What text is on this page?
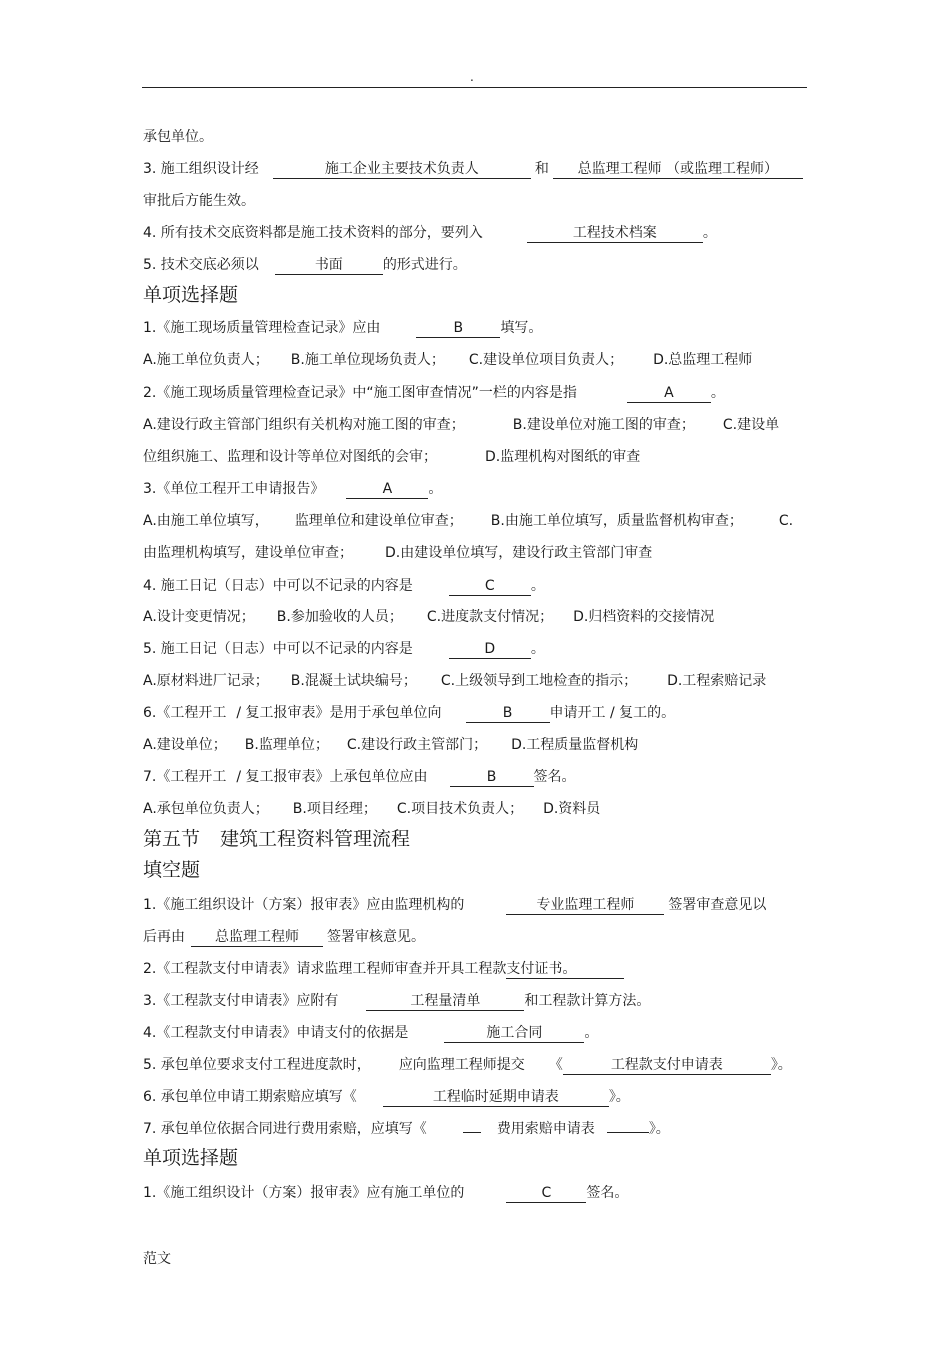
.
承包单位。
3. 施工组织设计经	施工企业主要技术负责人	和 总监理工程师 （或监理工程师）
审批后方能生效。
4. 所有技术交底资料都是施工技术资料的部分，要列入	工程技术档案	。
5. 技术交底必须以	书面	的形式进行。
单项选择题
1.《施工现场质量管理检查记录》应由	B	填写。
A.施工单位负责人； B.施工单位现场负责人； C.建设单位项目负责人； D.总监理工程师
2.《施工现场质量管理检查记录》中“施工图审查情况”一栏的内容是指	A	。
A.建设行政主管部门组织有关机构对施工图的审查；	B.建设单位对施工图的审查； C.建设单
位组织施工、监理和设计等单位对图纸的会审；	D.监理机构对图纸的审查
3.《单位工程开工申请报告》	A	。
A.由施工单位填写， 监理单位和建设单位审查； B.由施工单位填写，质量监督机构审查；	C.
由监理机构填写，建设单位审查； D.由建设单位填写，建设行政主管部门审查
4. 施工日记（日志）中可以不记录的内容是	C	。
A.设计变更情况； B.参加验收的人员； C.进度款支付情况； D.归档资料的交接情况
5. 施工日记（日志）中可以不记录的内容是	D	。
A.原材料进厂记录； B.混凝土试块编号； C.上级领导到工地检查的指示； D.工程索赔记录
6.《工程开工 / 复工报审表》是用于承包单位向	B	申请开工 / 复工的。
A.建设单位； B.监理单位； C.建设行政主管部门； D.工程质量监督机构
7.《工程开工 / 复工报审表》上承包单位应由	B	签名。
A.承包单位负责人； B.项目经理； C.项目技术负责人； D.资料员
第五节 建筑工程资料管理流程
填空题
1.《施工组织设计（方案）报审表》应由监理机构的	专业监理工程师 签署审查意见以
后再由 总监理工程师 签署审核意见。
2.《工程款支付申请表》请求监理工程师审查并开具工程款支付证书。
3.《工程款支付申请表》应附有	工程量清单	和工程款计算方法。
4.《工程款支付申请表》申请支付的依据是	施工合同	。
5. 承包单位要求支付工程进度款时， 应向监理工程师提交 《	工程款支付申请表	》。
6. 承包单位申请工期索赔应填写《	工程临时延期申请表	》。
7. 承包单位依据合同进行费用索赔，应填写《	费用索赔申请表	》。
单项选择题
1.《施工组织设计（方案）报审表》应有施工单位的	C	签名。
范文
